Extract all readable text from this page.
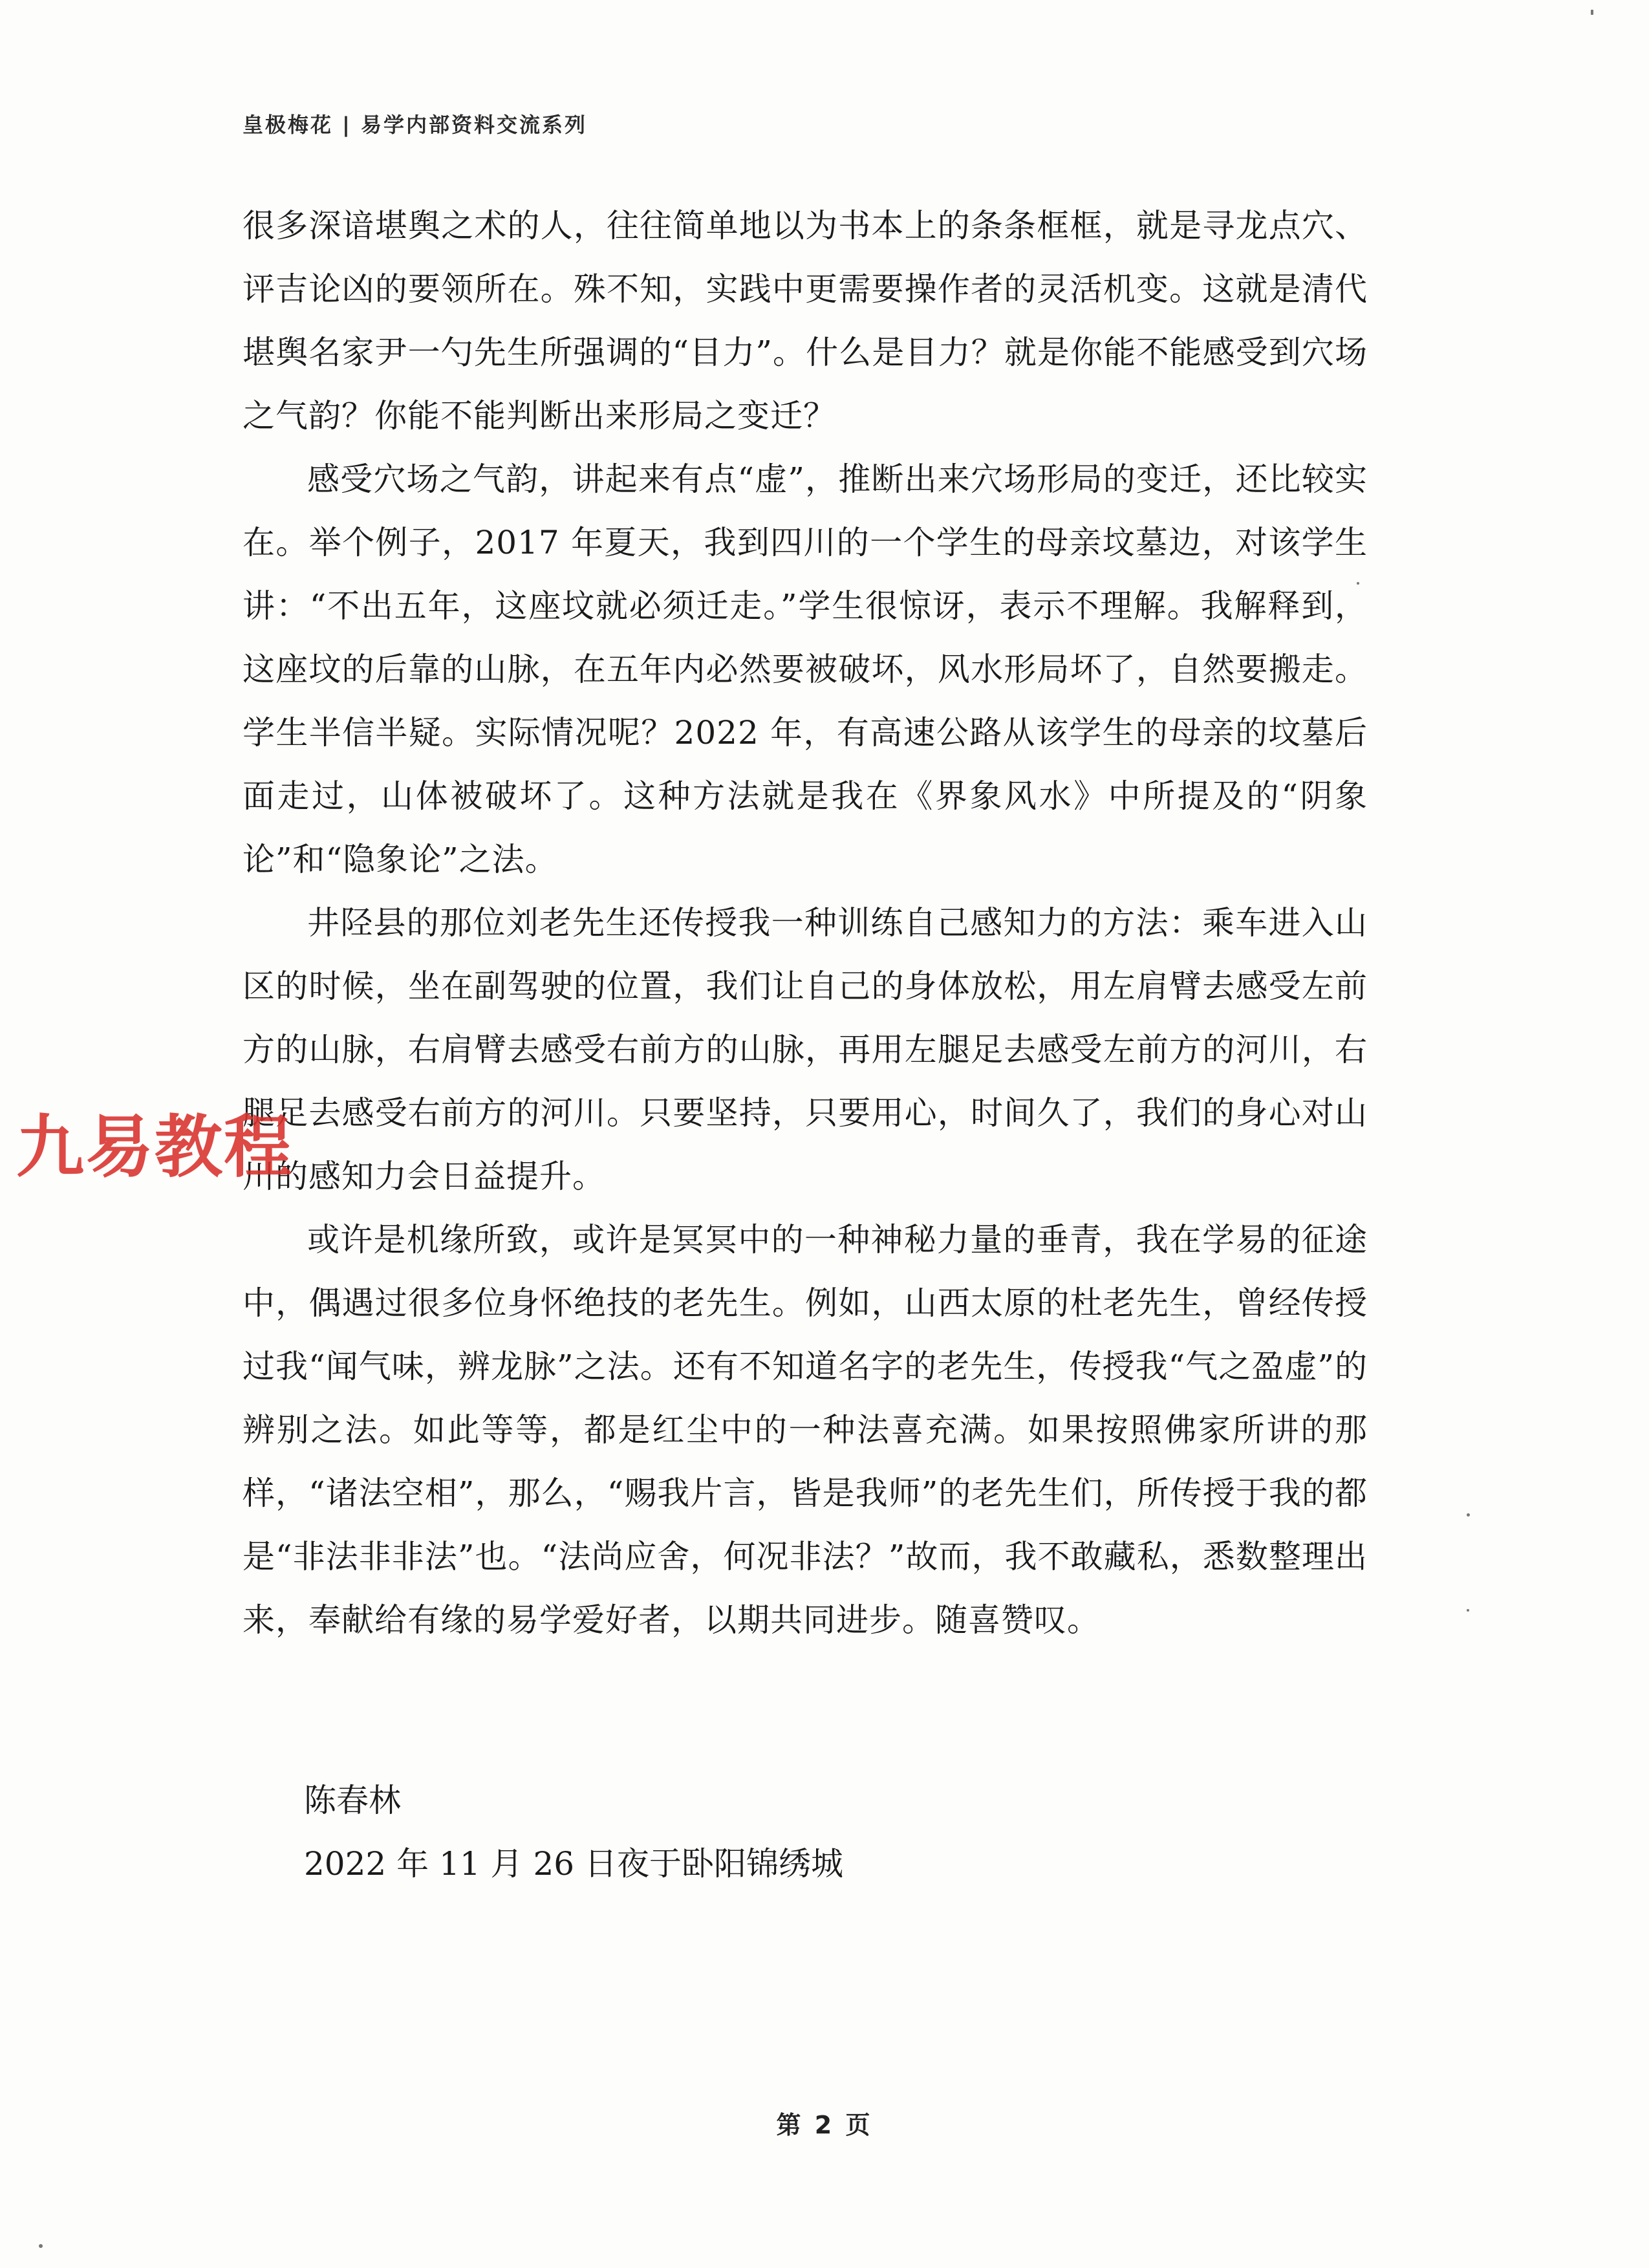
皇极梅花 | 易学内部资料交流系列

很多深谙堪舆之术的人，往往简单地以为书本上的条条框框，就是寻龙点穴、评吉论凶的要领所在。殊不知，实践中更需要操作者的灵活机变。这就是清代堪舆名家尹一勺先生所强调的“目力”。什么是目力？就是你能不能感受到穴场之气韵？你能不能判断出来形局之变迁？

感受穴场之气韵，讲起来有点“虚”，推断出来穴场形局的变迁，还比较实在。举个例子，2017 年夏天，我到四川的一个学生的母亲坟墓边，对该学生讲：“不出五年，这座坟就必须迁走。”学生很惊讶，表示不理解。我解释到，这座坟的后靠的山脉，在五年内必然要被破坏，风水形局坏了，自然要搬走。学生半信半疑。实际情况呢？2022 年，有高速公路从该学生的母亲的坟墓后面走过，山体被破坏了。这种方法就是我在《界象风水》中所提及的“阴象论”和“隐象论”之法。

井陉县的那位刘老先生还传授我一种训练自己感知力的方法：乘车进入山区的时候，坐在副驾驶的位置，我们让自己的身体放松，用左肩臂去感受左前方的山脉，右肩臂去感受右前方的山脉，再用左腿足去感受左前方的河川，右腿足去感受右前方的河川。只要坚持，只要用心，时间久了，我们的身心对山川的感知力会日益提升。

或许是机缘所致，或许是冥冥中的一种神秘力量的垂青，我在学易的征途中，偶遇过很多位身怀绝技的老先生。例如，山西太原的杜老先生，曾经传授过我“闻气味，辨龙脉”之法。还有不知道名字的老先生，传授我“气之盈虚”的辨别之法。如此等等，都是红尘中的一种法喜充满。如果按照佛家所讲的那样，“诸法空相”，那么，“赐我片言，皆是我师”的老先生们，所传授于我的都是“非法非非法”也。“法尚应舍，何况非法？”故而，我不敢藏私，悉数整理出来，奉献给有缘的易学爱好者，以期共同进步。随喜赞叹。

陈春林
2022 年 11 月 26 日夜于卧阳锦绣城
第 2 页
九易教程
